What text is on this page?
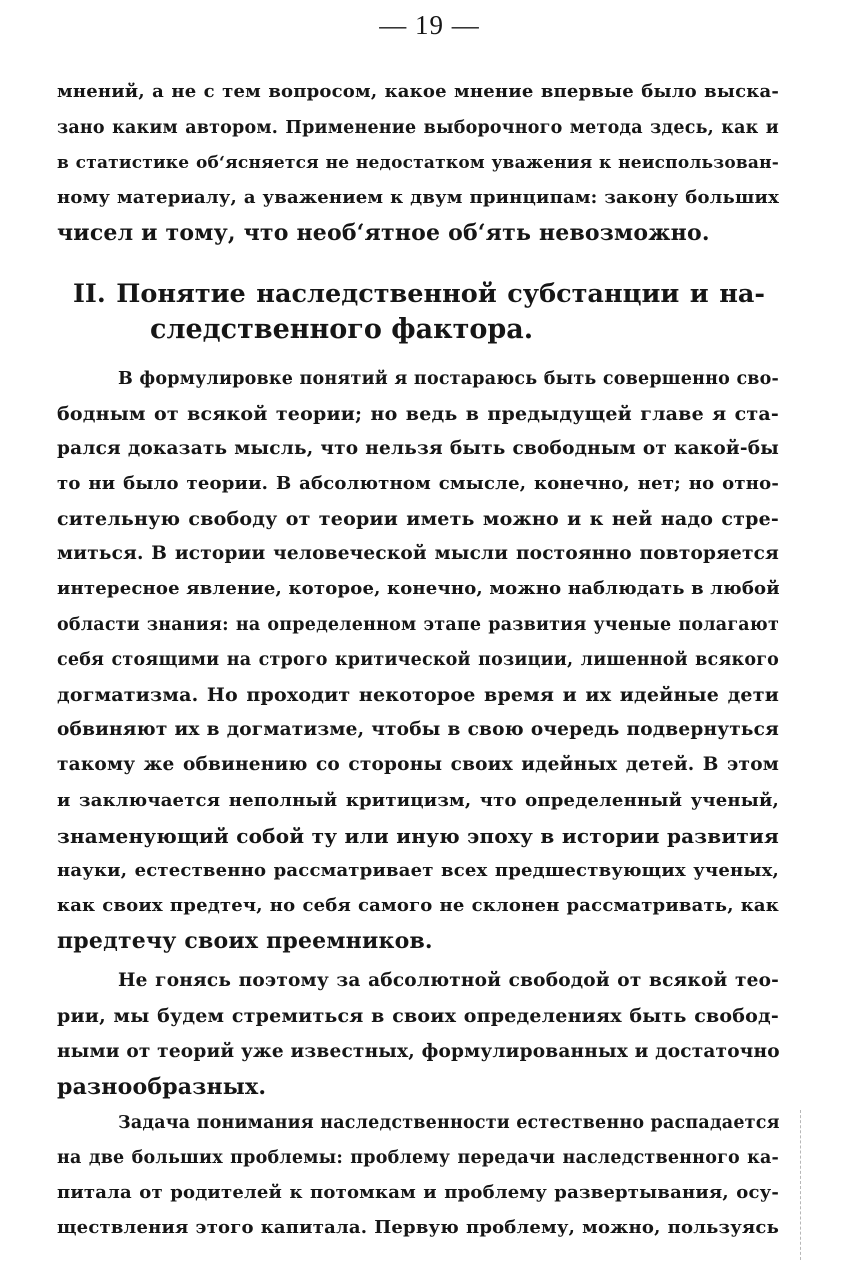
— 19 —
мнений, а не с тем вопросом, какое мнение впервые было выска-
зано каким автором. Применение выборочного метода здесь, как и
в статистике об‘ясняется не недостатком уважения к неиспользован-
ному материалу, а уважением к двум принципам: закону больших
чисел и тому, что необ‘ятное об‘ять невозможно.
II. Понятие наследственной субстанции и на-
следственного фактора.
В формулировке понятий я постараюсь быть совершенно сво-
бодным от всякой теории; но ведь в предыдущей главе я ста-
рался доказать мысль, что нельзя быть свободным от какой-бы
то ни было теории. В абсолютном смысле, конечно, нет; но отно-
сительную свободу от теории иметь можно и к ней надо стре-
миться. В истории человеческой мысли постоянно повторяется
интересное явление, которое, конечно, можно наблюдать в любой
области знания: на определенном этапе развития ученые полагают
себя стоящими на строго критической позиции, лишенной всякого
догматизма. Но проходит некоторое время и их идейные дети
обвиняют их в догматизме, чтобы в свою очередь подвернуться
такому же обвинению со стороны своих идейных детей. В этом
и заключается неполный критицизм, что определенный ученый,
знаменующий собой ту или иную эпоху в истории развития
науки, естественно рассматривает всех предшествующих ученых,
как своих предтеч, но себя самого не склонен рассматривать, как
предтечу своих преемников.
Не гонясь поэтому за абсолютной свободой от всякой тео-
рии, мы будем стремиться в своих определениях быть свобод-
ными от теорий уже известных, формулированных и достаточно
разнообразных.
Задача понимания наследственности естественно распадается
на две больших проблемы: проблему передачи наследственного ка-
питала от родителей к потомкам и проблему развертывания, осу-
ществления этого капитала. Первую проблему, можно, пользуясь
